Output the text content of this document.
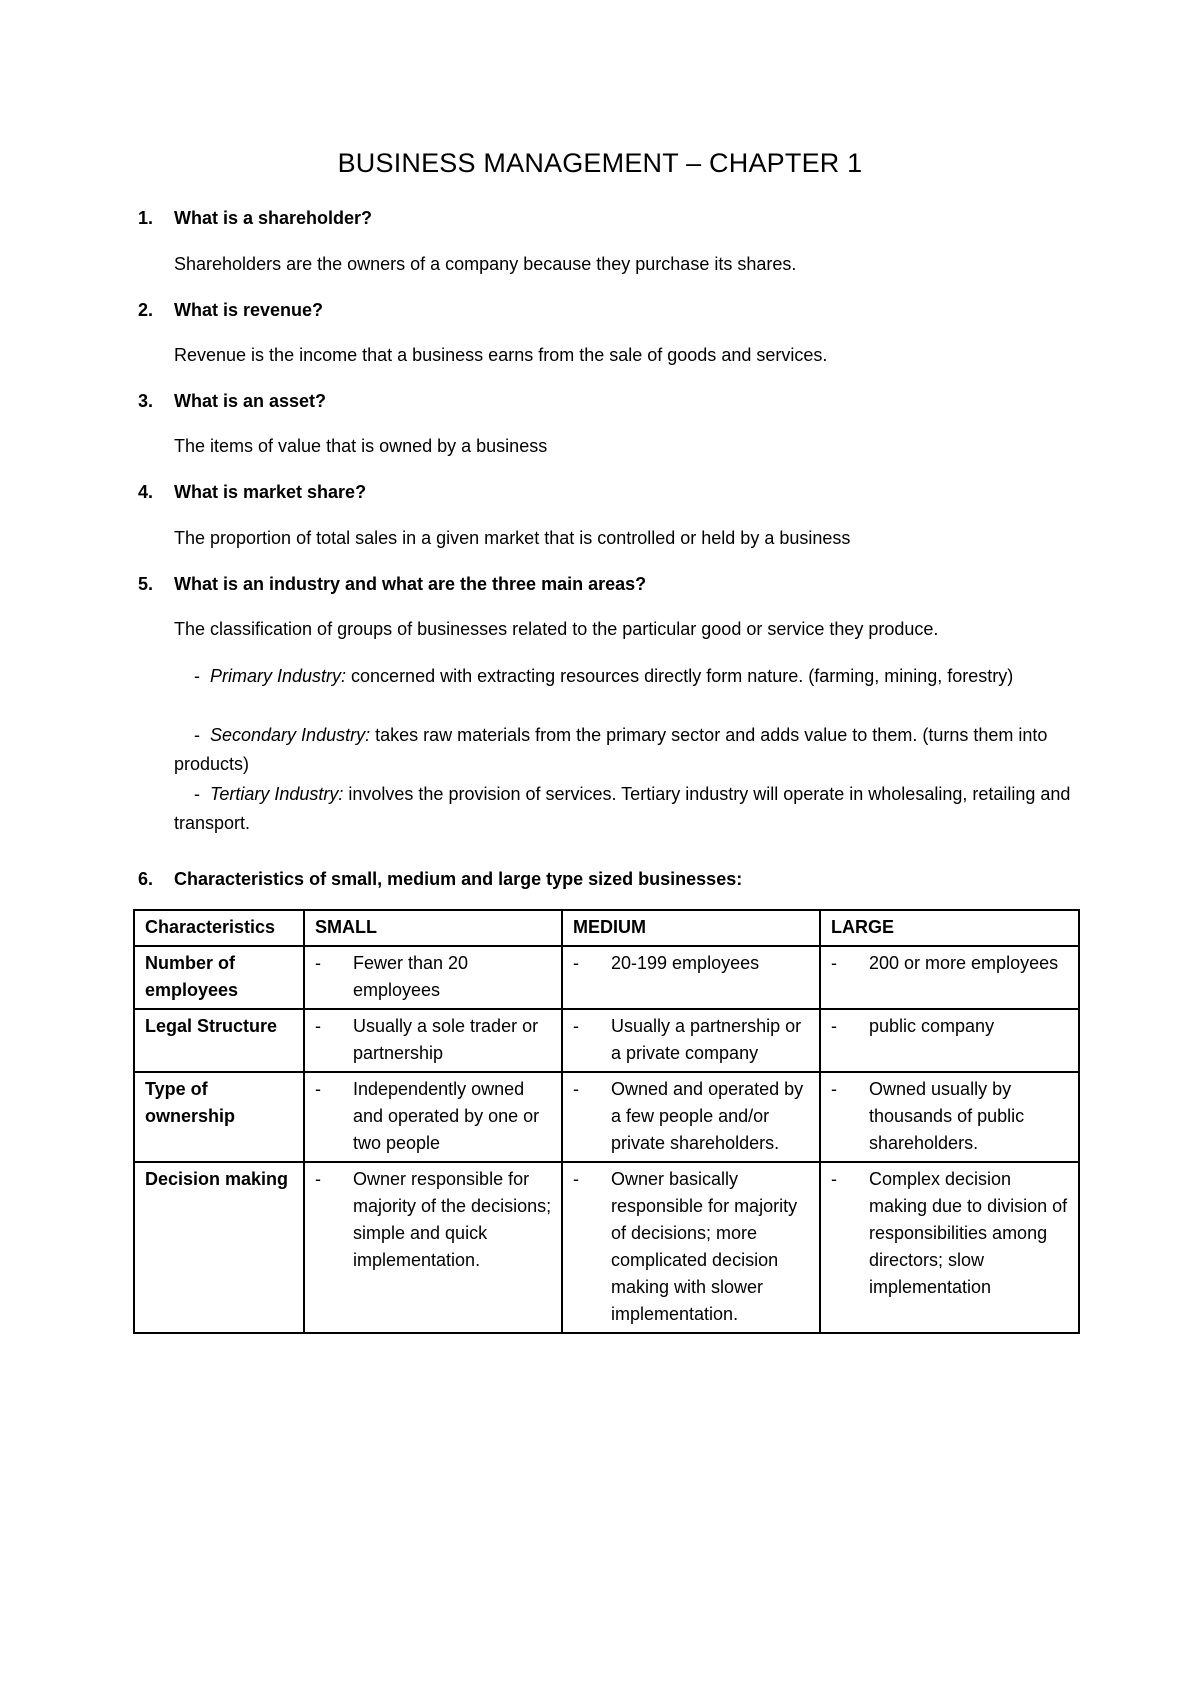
BUSINESS MANAGEMENT – CHAPTER 1
1. What is a shareholder?
Shareholders are the owners of a company because they purchase its shares.
2. What is revenue?
Revenue is the income that a business earns from the sale of goods and services.
3. What is an asset?
The items of value that is owned by a business
4. What is market share?
The proportion of total sales in a given market that is controlled or held by a business
5. What is an industry and what are the three main areas?
The classification of groups of businesses related to the particular good or service they produce.
- Primary Industry: concerned with extracting resources directly form nature. (farming, mining, forestry)
- Secondary Industry: takes raw materials from the primary sector and adds value to them. (turns them into products)
- Tertiary Industry: involves the provision of services. Tertiary industry will operate in wholesaling, retailing and transport.
6. Characteristics of small, medium and large type sized businesses:
Characteristics	SMALL	MEDIUM	LARGE
Number of employees	- Fewer than 20 employees	- 20-199 employees	- 200 or more employees

Legal Structure	- Usually a sole trader or partnership	- Usually a partnership or a private company	- public company

Type of ownership	- Independently owned and operated by one or two people	- Owned and operated by a few people and/or private shareholders.	- Owned usually by thousands of public shareholders.

Decision making	- Owner responsible for majority of the decisions; simple and quick implementation.	- Owner basically responsible for majority of decisions; more complicated decision making with slower implementation.	- Complex decision making due to division of responsibilities among directors; slow implementation
